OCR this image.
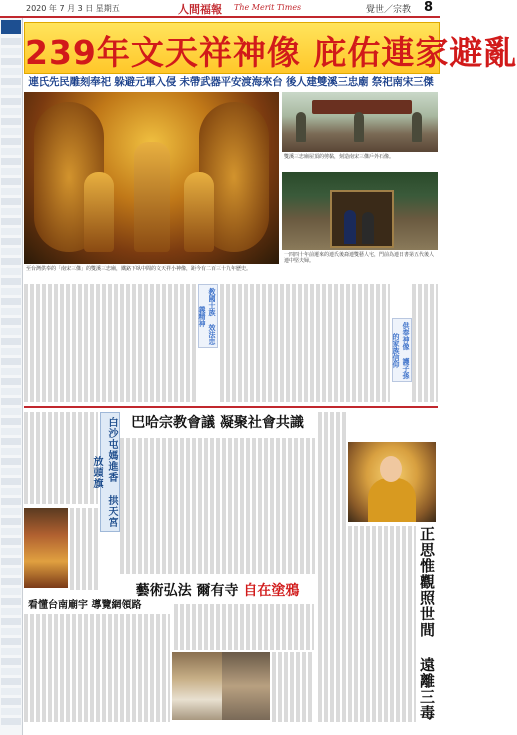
2020 年 7 月 3 日 星期五	人間福報 The Merit Times	覺世／宗教 8
239年文天祥神像 庇佑連家避亂
連氏先民雕刻奉祀 躲避元軍入侵 未帶武器平安渡海來台 後人建雙溪三忠廟 祭祀南宋三傑
至台灣供奉的「南宋三傑」的雙溪三忠廟，鐵鉻下臥中間的文天祥小神像，距今有二百三十九年歷史。
雙溪三忠廟屋頂的剪黏，刻造南宋三傑戶外石像。
一四四十年前遷來的連氏後裔連雙藝人宅，門前為連日書第五代後人連中堅夫婦。
教國士族 效法忠義精神
供奉神像 護子孫的家族信仰
白沙屯媽進香 拱天宮放頭旗
看懂台南廟宇 導覽網領路
巴哈宗教會議 凝聚社會共識
藝術弘法 爾有寺 自在塗鴉	正思惟觀照世間 遠離三毒
